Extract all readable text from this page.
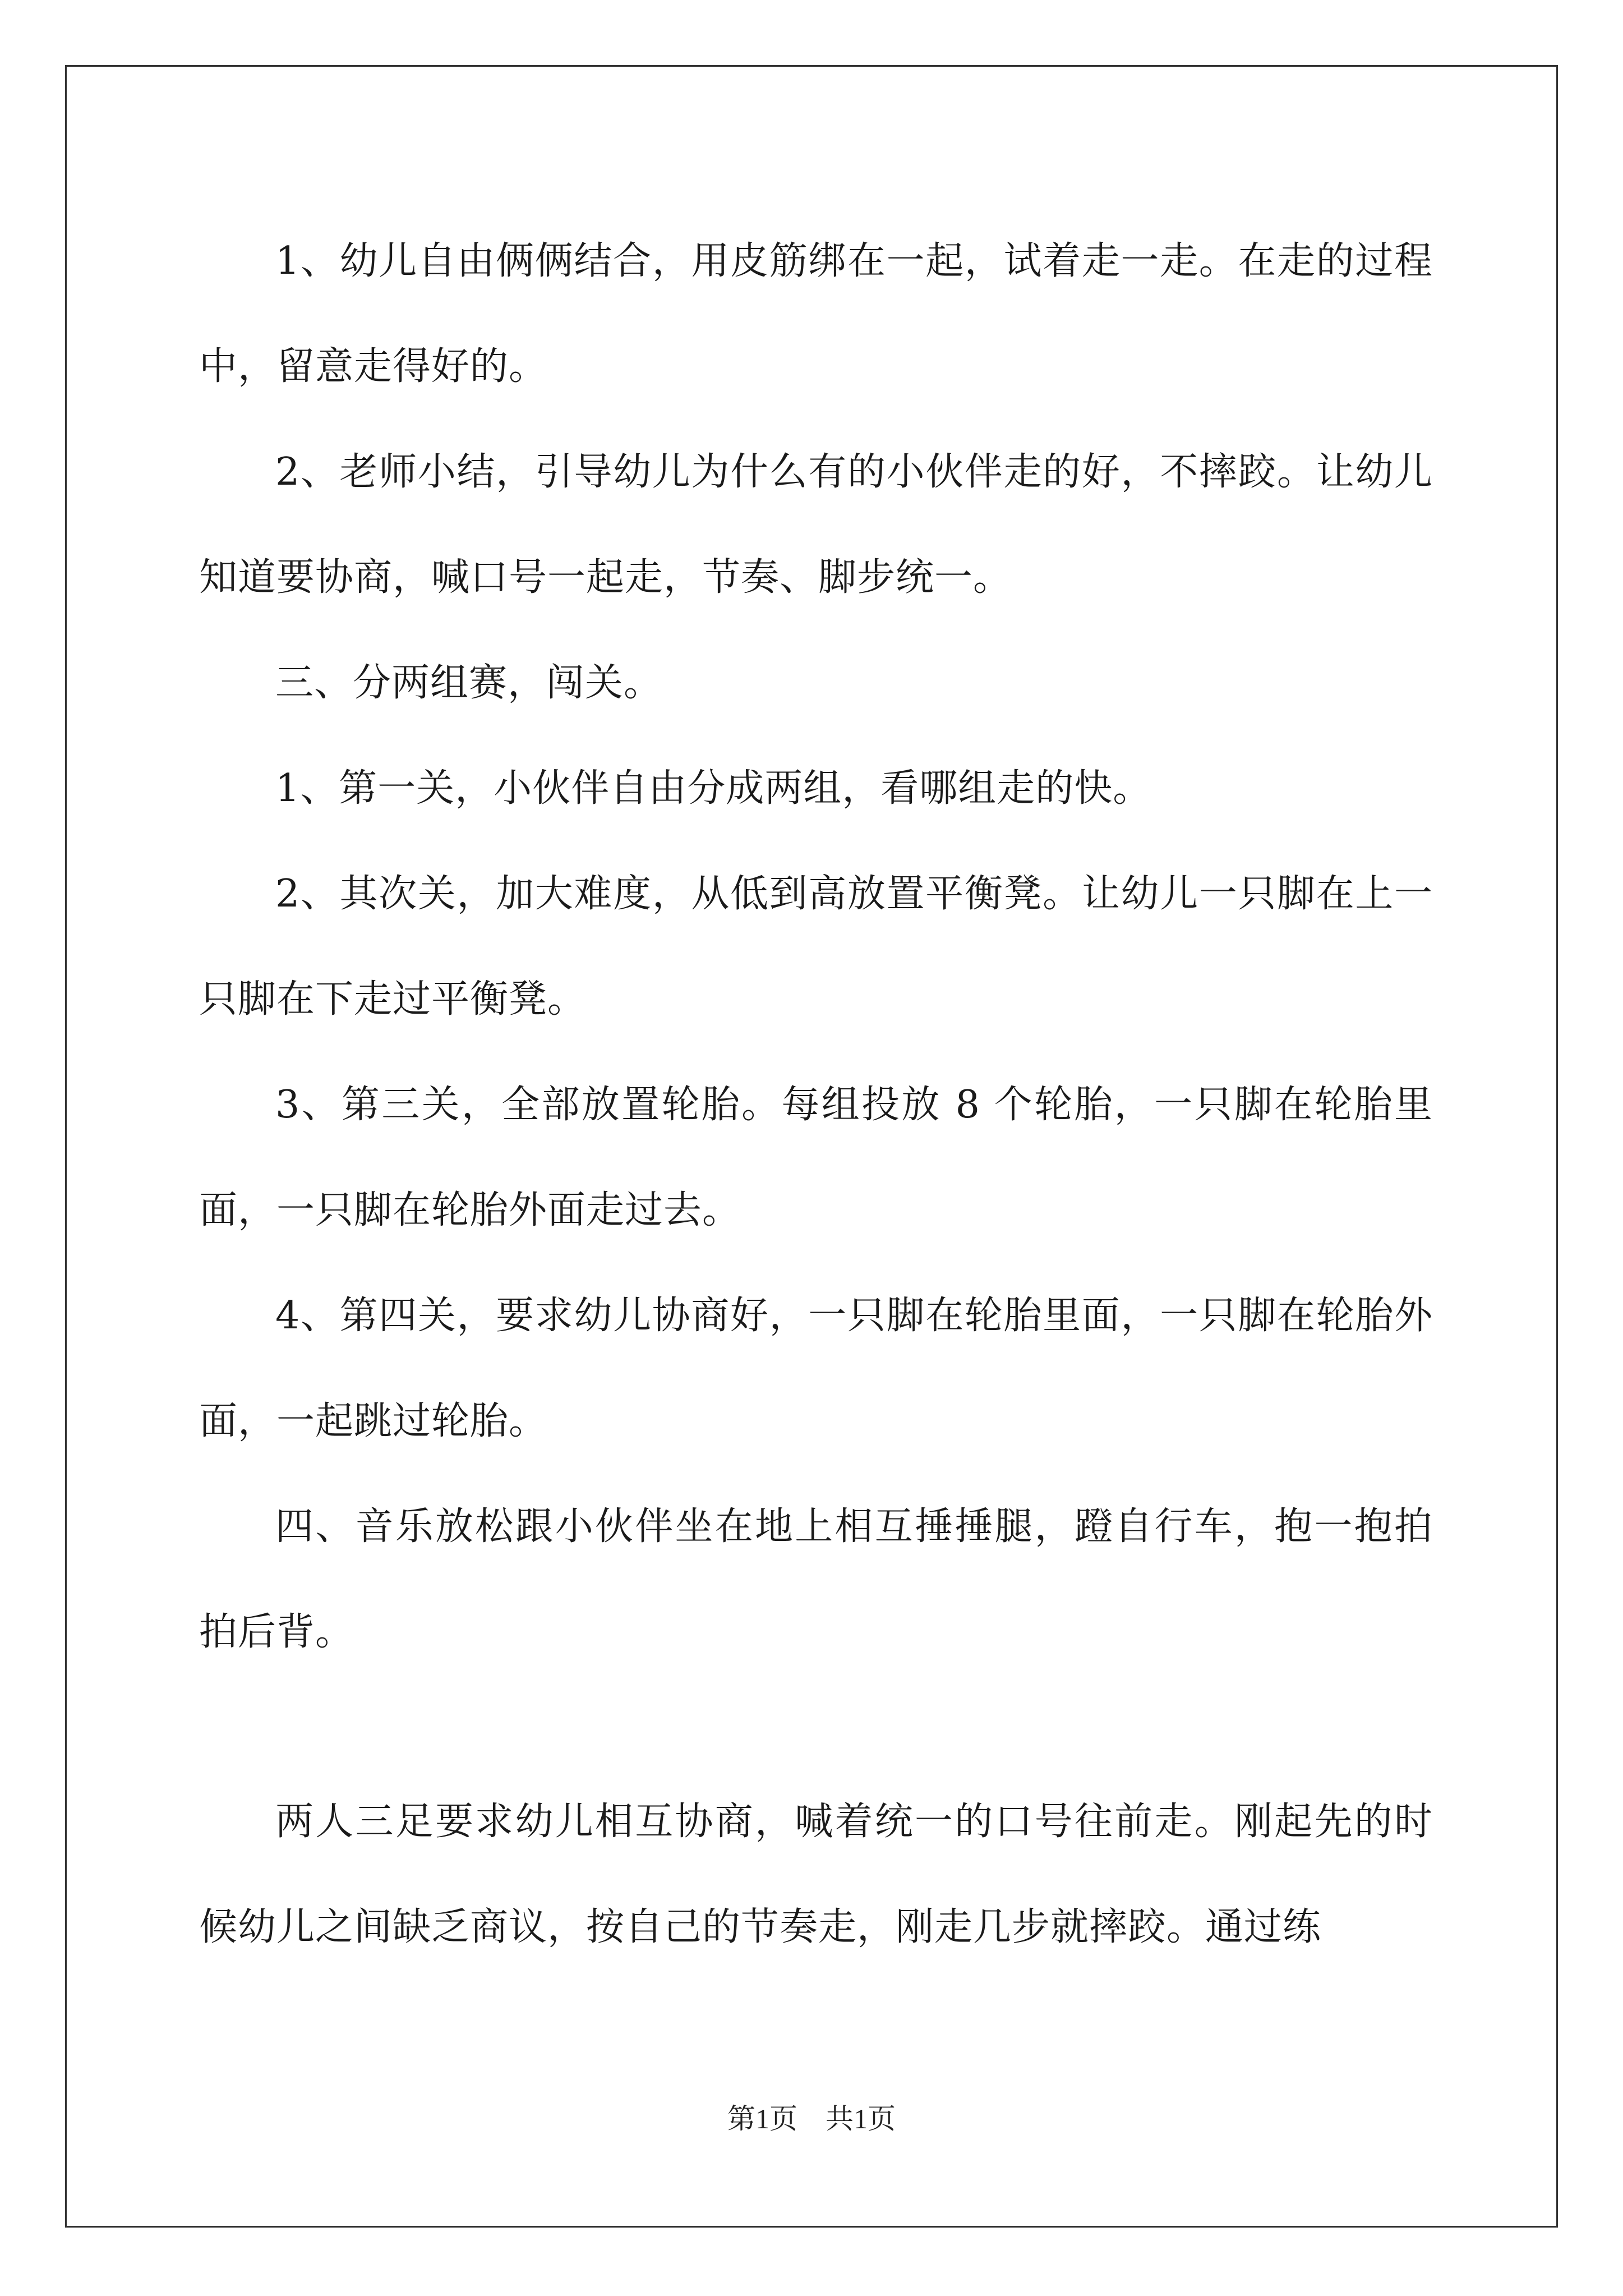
1、幼儿自由俩俩结合，用皮筋绑在一起，试着走一走。在走的过程中，留意走得好的。

2、老师小结，引导幼儿为什么有的小伙伴走的好，不摔跤。让幼儿知道要协商，喊口号一起走，节奏、脚步统一。

三、分两组赛，闯关。

1、第一关，小伙伴自由分成两组，看哪组走的快。

2、其次关，加大难度，从低到高放置平衡凳。让幼儿一只脚在上一只脚在下走过平衡凳。

3、第三关，全部放置轮胎。每组投放 8 个轮胎，一只脚在轮胎里面，一只脚在轮胎外面走过去。

4、第四关，要求幼儿协商好，一只脚在轮胎里面，一只脚在轮胎外面，一起跳过轮胎。

四、音乐放松跟小伙伴坐在地上相互捶捶腿，蹬自行车，抱一抱拍拍后背。

两人三足要求幼儿相互协商，喊着统一的口号往前走。刚起先的时候幼儿之间缺乏商议，按自己的节奏走，刚走几步就摔跤。通过练

第1页 共1页
